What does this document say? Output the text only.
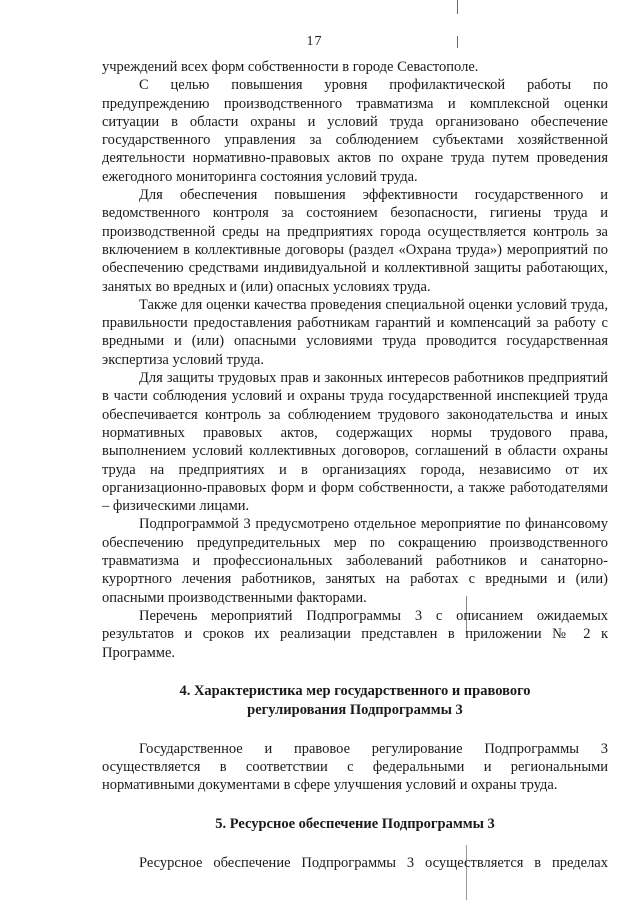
17

учреждений всех форм собственности в городе Севастополе.

С целью повышения уровня профилактической работы по предупреждению производственного травматизма и комплексной оценки ситуации в области охраны и условий труда организовано обеспечение государственного управления за соблюдением субъектами хозяйственной деятельности нормативно-правовых актов по охране труда путем проведения ежегодного мониторинга состояния условий труда.

Для обеспечения повышения эффективности государственного и ведомственного контроля за состоянием безопасности, гигиены труда и производственной среды на предприятиях города осуществляется контроль за включением в коллективные договоры (раздел «Охрана труда») мероприятий по обеспечению средствами индивидуальной и коллективной защиты работающих, занятых во вредных и (или) опасных условиях труда.

Также для оценки качества проведения специальной оценки условий труда, правильности предоставления работникам гарантий и компенсаций за работу с вредными и (или) опасными условиями труда проводится государственная экспертиза условий труда.

Для защиты трудовых прав и законных интересов работников предприятий в части соблюдения условий и охраны труда государственной инспекцией труда обеспечивается контроль за соблюдением трудового законодательства и иных нормативных правовых актов, содержащих нормы трудового права, выполнением условий коллективных договоров, соглашений в области охраны труда на предприятиях и в организациях города, независимо от их организационно-правовых форм и форм собственности, а также работодателями – физическими лицами.

Подпрограммой 3 предусмотрено отдельное мероприятие по финансовому обеспечению предупредительных мер по сокращению производственного травматизма и профессиональных заболеваний работников и санаторно-курортного лечения работников, занятых на работах с вредными и (или) опасными производственными факторами.

Перечень мероприятий Подпрограммы 3 с описанием ожидаемых результатов и сроков их реализации представлен в приложении № 2 к Программе.

4. Характеристика мер государственного и правового

регулирования Подпрограммы 3

Государственное и правовое регулирование Подпрограммы 3 осуществляется в соответствии с федеральными и региональными нормативными документами в сфере улучшения условий и охраны труда.

5. Ресурсное обеспечение Подпрограммы 3

Ресурсное обеспечение Подпрограммы 3 осуществляется в пределах
